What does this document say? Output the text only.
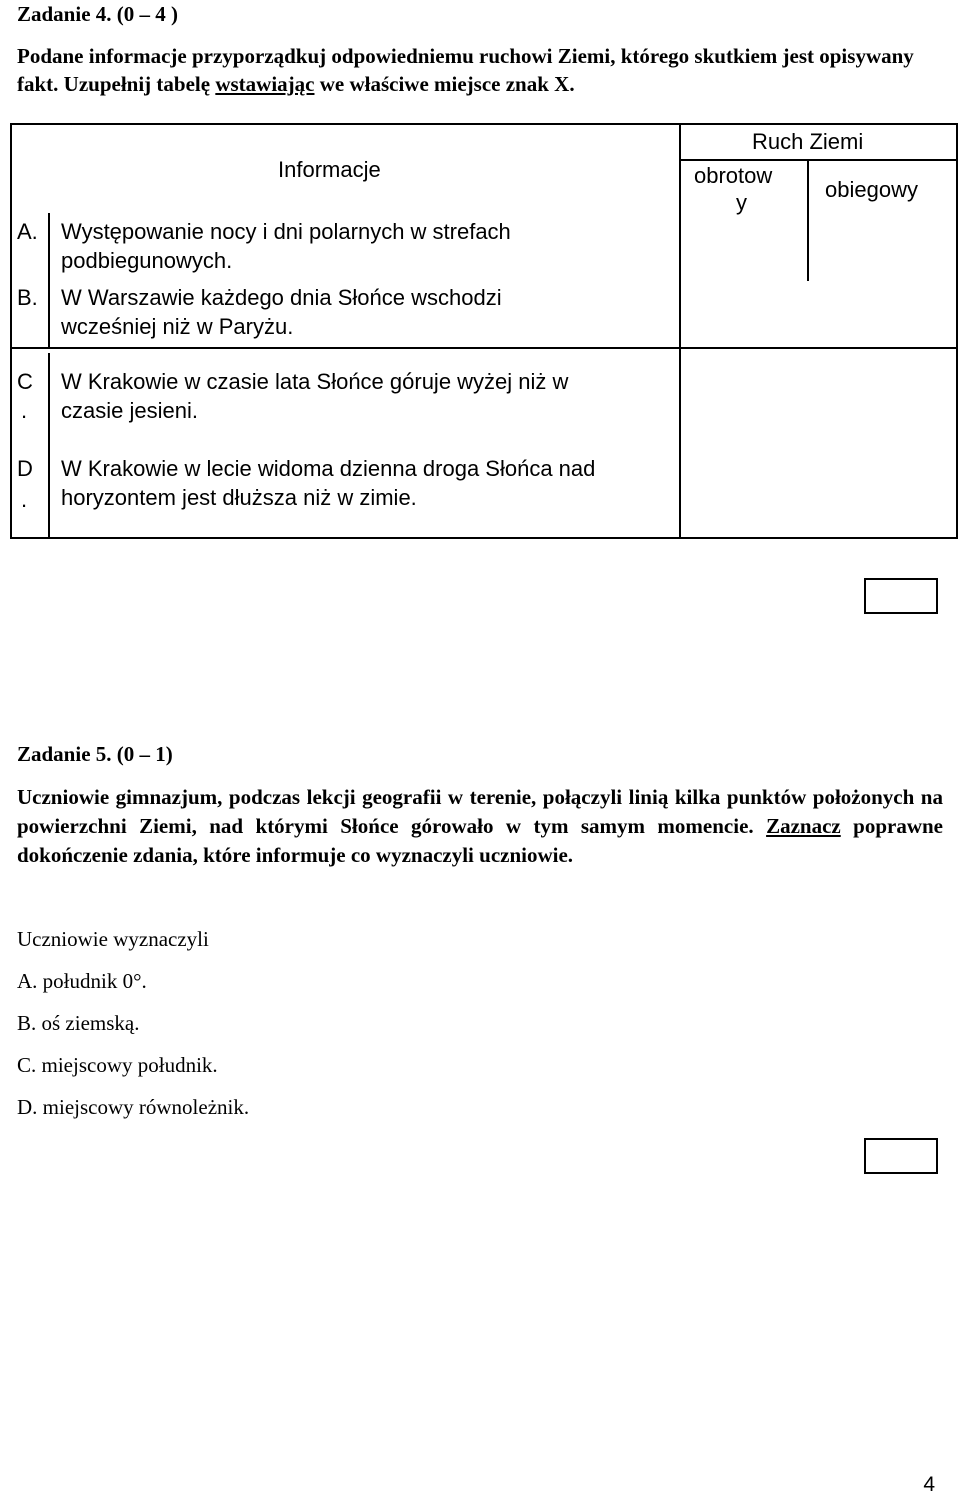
Zadanie 4. (0 – 4 )
Podane informacje przyporządkuj odpowiedniemu ruchowi Ziemi, którego skutkiem jest opisywany fakt. Uzupełnij tabelę wstawiając we właściwe miejsce znak X.
Informacje
Ruch Ziemi
obrotow
y
obiegowy
A. Występowanie nocy i dni polarnych w strefach
podbiegunowych.
B. W Warszawie każdego dnia Słońce wschodzi
wcześniej niż w Paryżu.
C
.
W Krakowie w czasie lata Słońce góruje wyżej niż w
czasie jesieni.
D
.
W Krakowie w lecie widoma dzienna droga Słońca nad
horyzontem jest dłuższa niż w zimie.
Zadanie 5. (0 – 1)
Uczniowie gimnazjum, podczas lekcji geografii w terenie, połączyli linią kilka punktów położonych na powierzchni Ziemi, nad którymi Słońce górowało w tym samym momencie. Zaznacz poprawne dokończenie zdania, które informuje co wyznaczyli uczniowie.
Uczniowie wyznaczyli
A. południk 0°.
B. oś ziemską.
C. miejscowy południk.
D. miejscowy równoleżnik.
4
